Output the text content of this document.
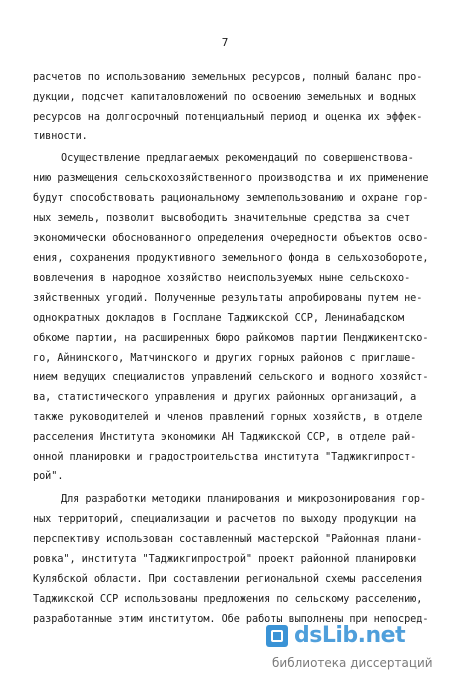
7
расчетов по использованию земельных ресурсов, полный баланс про-
дукции, подсчет капиталовложений по освоению земельных и водных
ресурсов на долгосрочный потенциальный период и оценка их эффек-
тивности.
Осуществление предлагаемых рекомендаций по совершенствова-
нию размещения сельскохозяйственного производства и их применение
будут способствовать рациональному землепользованию и охране гор-
ных земель, позволит высвободить значительные средства за счет
экономически обоснованного определения очередности объектов осво-
ения, сохранения продуктивного земельного фонда в сельхозобороте,
вовлечения в народное хозяйство неиспользуемых ныне сельскохо-
зяйственных угодий. Полученные результаты апробированы путем не-
однократных докладов в Госплане Таджикской ССР, Ленинабадском
обкоме партии, на расширенных бюро райкомов партии Пенджикентско-
го, Айнинского, Матчинского и других горных районов с приглаше-
нием ведущих специалистов управлений сельского и водного хозяйст-
ва, статистического управления и других районных организаций, а
также руководителей и членов правлений горных хозяйств, в отделе
расселения Института экономики АН Таджикской ССР, в отделе рай-
онной планировки и градостроительства института "Таджикгипрост-
рой".
Для разработки методики планирования и микрозонирования гор-
ных территорий, специализации и расчетов по выходу продукции на
перспективу использован составленный мастерской "Районная плани-
ровка", института "Таджикгипрострой" проект районной планировки
Кулябской области. При составлении региональной схемы расселения
Таджикской ССР использованы предложения по сельскому расселению,
разработанные этим институтом. Обе работы выполнены при непосред-
dsLib.net
библиотека диссертаций
